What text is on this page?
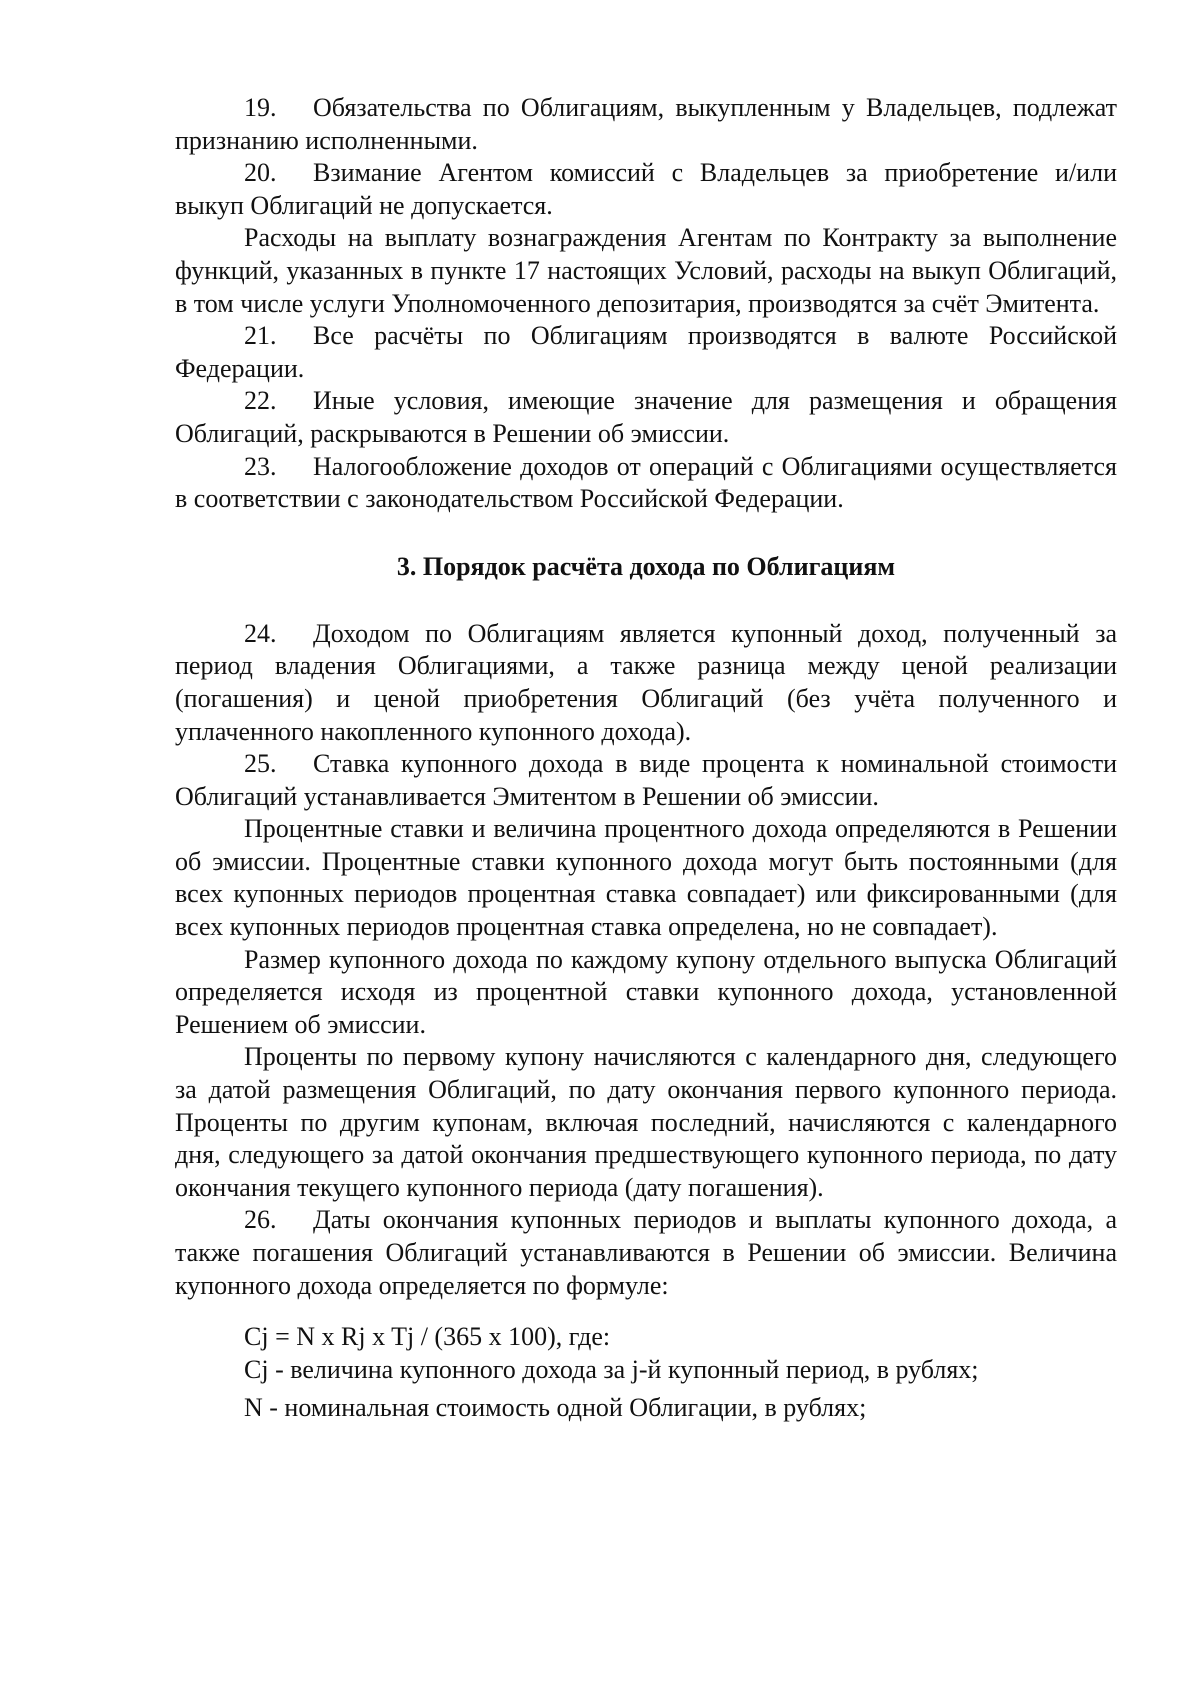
19. Обязательства по Облигациям, выкупленным у Владельцев, подлежат признанию исполненными.

20. Взимание Агентом комиссий с Владельцев за приобретение и/или выкуп Облигаций не допускается.

Расходы на выплату вознаграждения Агентам по Контракту за выполнение функций, указанных в пункте 17 настоящих Условий, расходы на выкуп Облигаций, в том числе услуги Уполномоченного депозитария, производятся за счёт Эмитента.

21. Все расчёты по Облигациям производятся в валюте Российской Федерации.

22. Иные условия, имеющие значение для размещения и обращения Облигаций, раскрываются в Решении об эмиссии.

23. Налогообложение доходов от операций с Облигациями осуществляется в соответствии с законодательством Российской Федерации.

3. Порядок расчёта дохода по Облигациям

24. Доходом по Облигациям является купонный доход, полученный за период владения Облигациями, а также разница между ценой реализации (погашения) и ценой приобретения Облигаций (без учёта полученного и уплаченного накопленного купонного дохода).

25. Ставка купонного дохода в виде процента к номинальной стоимости Облигаций устанавливается Эмитентом в Решении об эмиссии.

Процентные ставки и величина процентного дохода определяются в Решении об эмиссии. Процентные ставки купонного дохода могут быть постоянными (для всех купонных периодов процентная ставка совпадает) или фиксированными (для всех купонных периодов процентная ставка определена, но не совпадает).

Размер купонного дохода по каждому купону отдельного выпуска Облигаций определяется исходя из процентной ставки купонного дохода, установленной Решением об эмиссии.

Проценты по первому купону начисляются с календарного дня, следующего за датой размещения Облигаций, по дату окончания первого купонного периода. Проценты по другим купонам, включая последний, начисляются с календарного дня, следующего за датой окончания предшествующего купонного периода, по дату окончания текущего купонного периода (дату погашения).

26. Даты окончания купонных периодов и выплаты купонного дохода, а также погашения Облигаций устанавливаются в Решении об эмиссии. Величина купонного дохода определяется по формуле:

Cj = N x Rj x Tj / (365 x 100), где:

Cj - величина купонного дохода за j-й купонный период, в рублях;

N - номинальная стоимость одной Облигации, в рублях;
